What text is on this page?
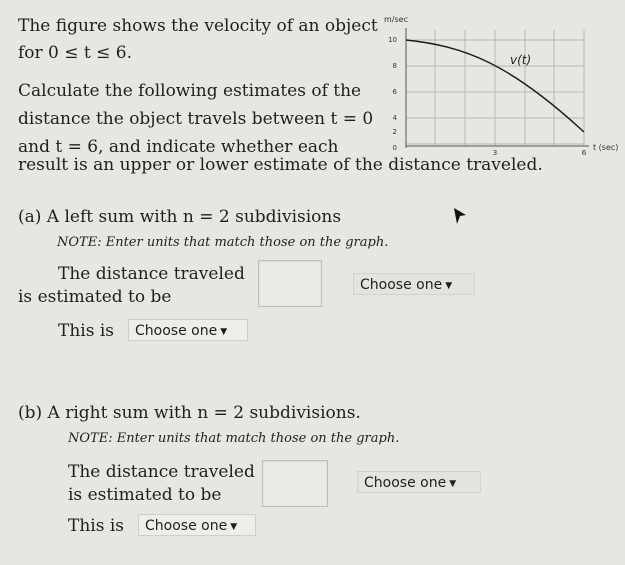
The figure shows the velocity of an object
for 0 ≤ t ≤ 6.
Calculate the following estimates of the
distance the object travels between t = 0
and t = 6, and indicate whether each
m/sec
10
8
6
4
2
0
3	6
t (sec)
v(t)
result is an upper or lower estimate of the distance traveled.
(a) A left sum with n = 2 subdivisions
NOTE: Enter units that match those on the graph.
The distance traveled
is estimated to be
Choose one ▼
This is	Choose one ▼
(b) A right sum with n = 2 subdivisions.
NOTE: Enter units that match those on the graph.
The distance traveled
is estimated to be
Choose one ▼
This is	Choose one ▼
